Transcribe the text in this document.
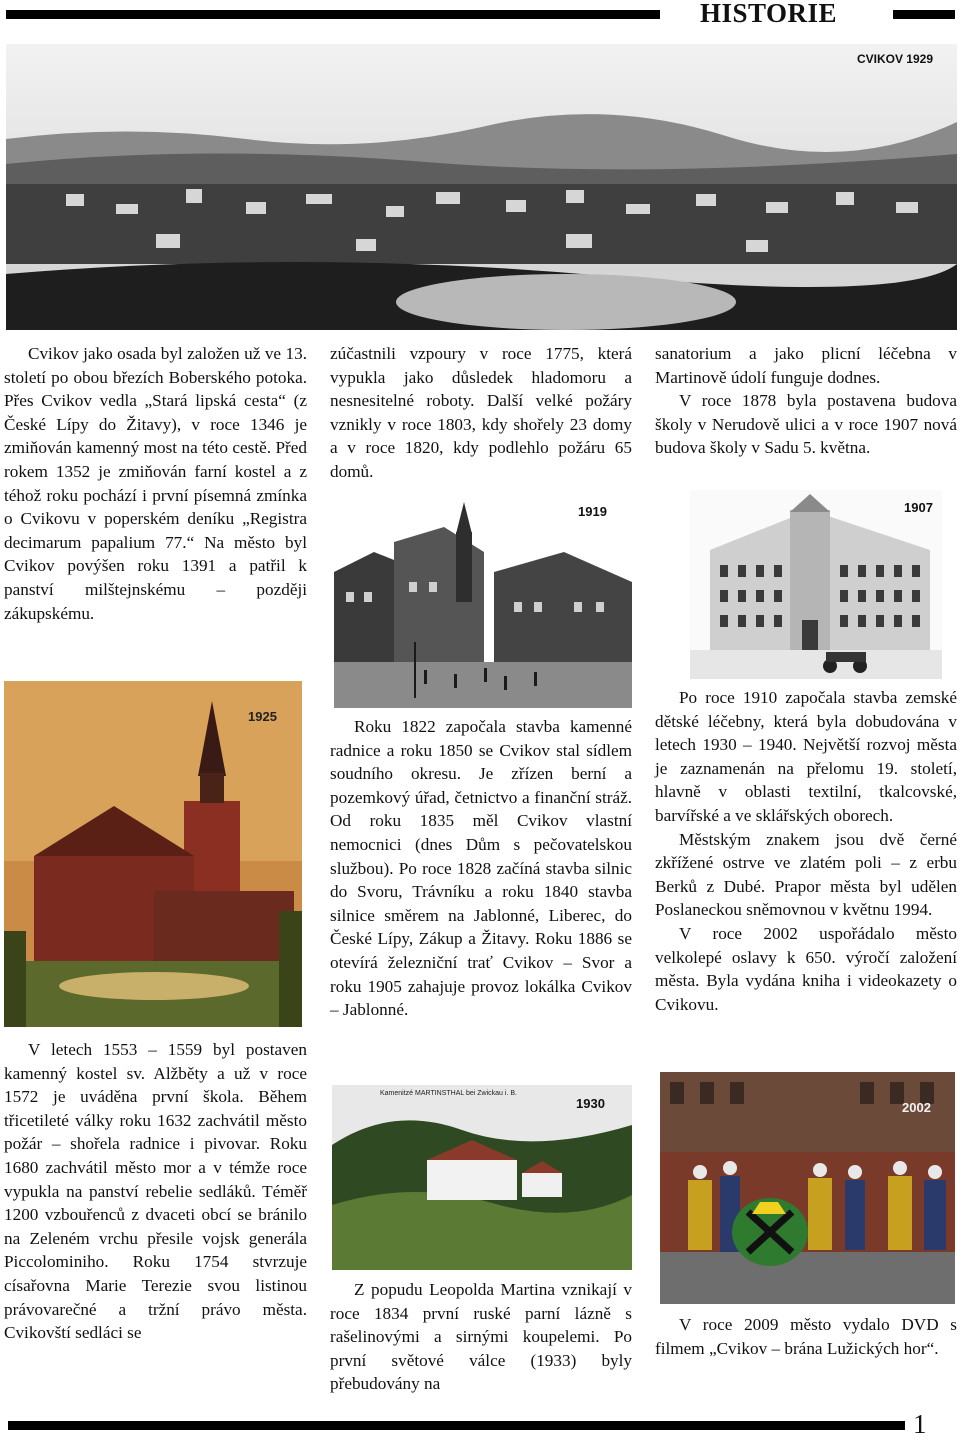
HISTORIE
CVIKOV 1929

Cvikov jako osada byl založen už ve 13. století po obou březích Boberského potoka. Přes Cvikov vedla „Stará lipská cesta“ (z České Lípy do Žitavy), v roce 1346 je zmiňován kamenný most na této cestě. Před rokem 1352 je zmiňován farní kostel a z téhož roku pochází i první písemná zmínka o Cvikovu v poperském deníku „Registra decimarum papalium 77.“ Na město byl Cvikov povýšen roku 1391 a patřil k panství milštejnskému – později zákupskému.

1925

V letech 1553 – 1559 byl postaven kamenný kostel sv. Alžběty a už v roce 1572 je uváděna první škola. Během třicetileté války roku 1632 zachvátil město požár – shořela radnice i pivovar. Roku 1680 zachvátil město mor a v témže roce vypukla na panství rebelie sedláků. Téměř 1200 vzbouřenců z dvaceti obcí se bránilo na Zeleném vrchu přesile vojsk generála Piccolominiho. Roku 1754 stvrzuje císařovna Marie Terezie svou listinou právovarečné a tržní právo města. Cvikovští sedláci se

zúčastnili vzpoury v roce 1775, která vypukla jako důsledek hladomoru a nesnesitelné roboty. Další velké požáry vznikly v roce 1803, kdy shořely 23 domy a v roce 1820, kdy podlehlo požáru 65 domů.

1919

Roku 1822 započala stavba kamenné radnice a roku 1850 se Cvikov stal sídlem soudního okresu. Je zřízen berní a pozemkový úřad, četnictvo a finanční stráž. Od roku 1835 měl Cvikov vlastní nemocnici (dnes Dům s pečovatelskou službou). Po roce 1828 začíná stavba silnic do Svoru, Trávníku a roku 1840 stavba silnice směrem na Jablonné, Liberec, do České Lípy, Zákup a Žitavy. Roku 1886 se otevírá železniční trať Cvikov – Svor a roku 1905 zahajuje provoz lokálka Cvikov – Jablonné.

Kamenitzé MARTINSTHAL bei Zwickau i. B.
1930

Z popudu Leopolda Martina vznikají v roce 1834 první ruské parní lázně s rašelinovými a sirnými koupelemi. Po první světové válce (1933) byly přebudovány na

sanatorium a jako plicní léčebna v Martinově údolí funguje dodnes.

V roce 1878 byla postavena budova školy v Nerudově ulici a v roce 1907 nová budova školy v Sadu 5. května.

1907

Po roce 1910 započala stavba zemské dětské léčebny, která byla dobudována v letech 1930 – 1940. Největší rozvoj města je zaznamenán na přelomu 19. století, hlavně v oblasti textilní, tkalcovské, barvířské a ve sklářských oborech.

Městským znakem jsou dvě černé zkřížené ostrve ve zlatém poli – z erbu Berků z Dubé. Prapor města byl udělen Poslaneckou sněmovnou v květnu 1994.

V roce 2002 uspořádalo město velkolepé oslavy k 650. výročí založení města. Byla vydána kniha i videokazety o Cvikovu.

2002

V roce 2009 město vydalo DVD s filmem „Cvikov – brána Lužických hor“.

1
